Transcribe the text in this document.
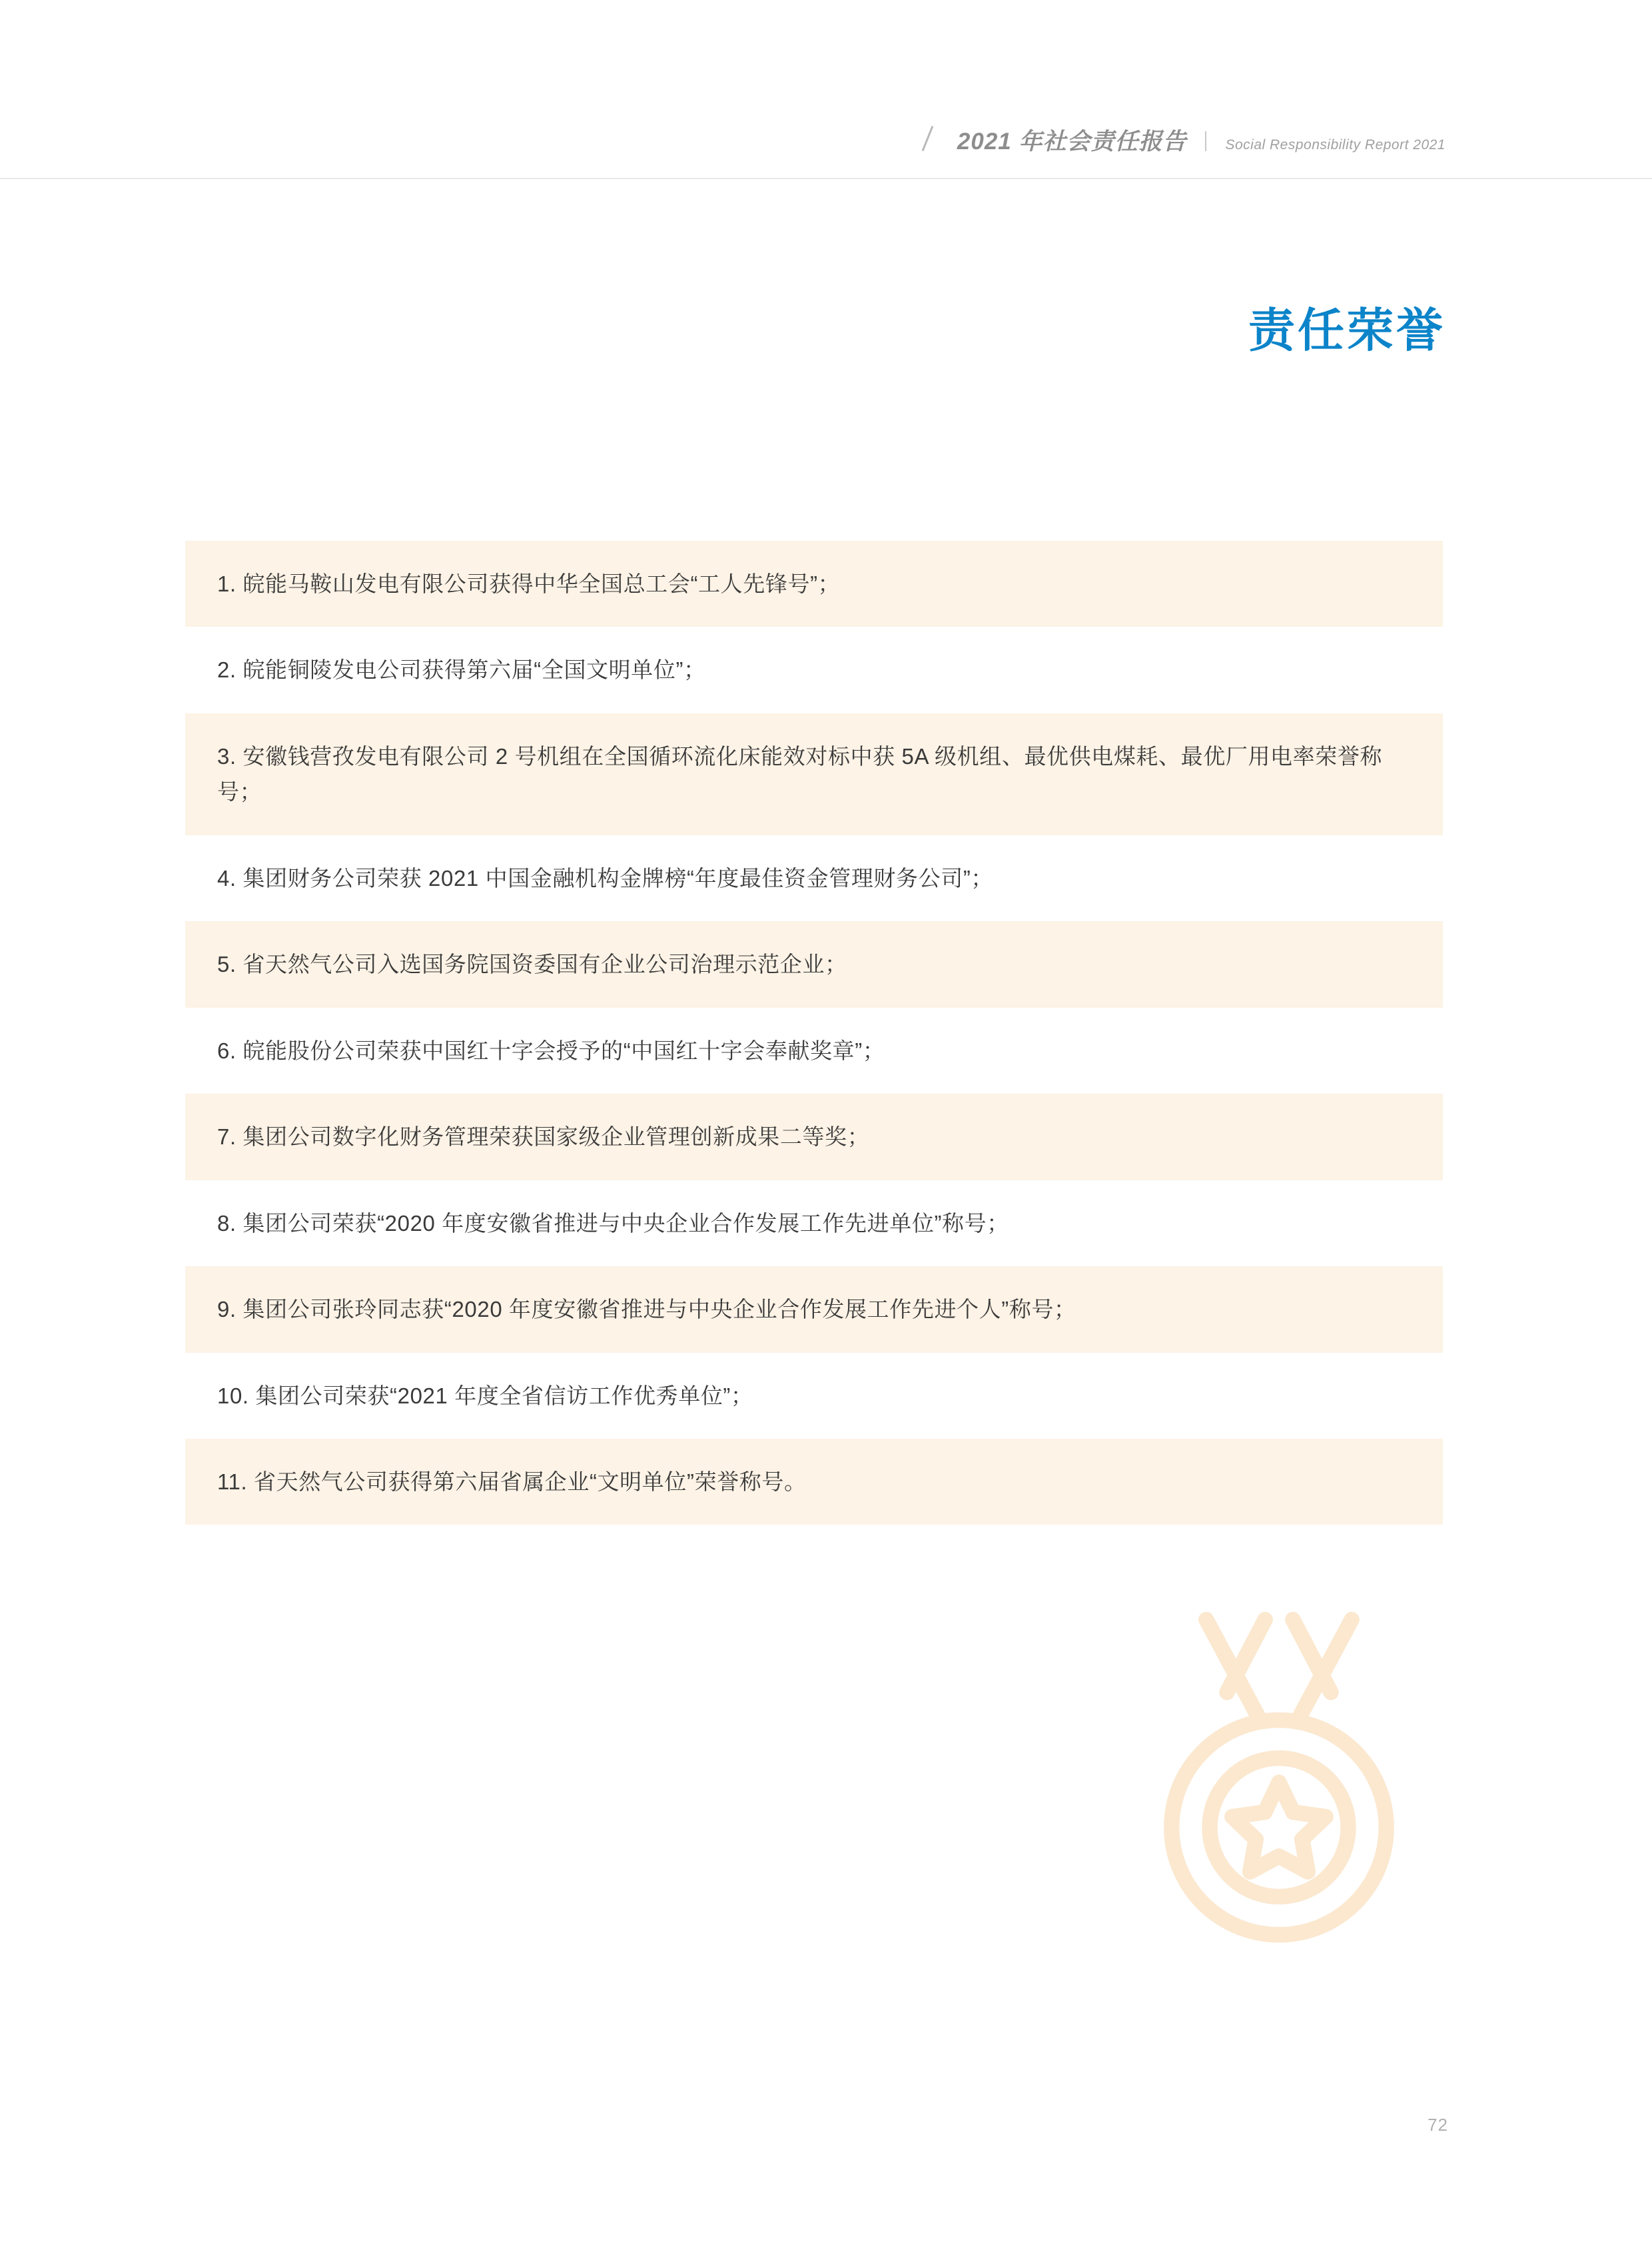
2021 年社会责任报告	Social Responsibility Report 2021
责任荣誉
1. 皖能马鞍山发电有限公司获得中华全国总工会“工人先锋号”；
2. 皖能铜陵发电公司获得第六届“全国文明单位”；
3. 安徽钱营孜发电有限公司 2 号机组在全国循环流化床能效对标中获 5A 级机组、最优供电煤耗、最优厂用电率荣誉称号；
4. 集团财务公司荣获 2021 中国金融机构金牌榜“年度最佳资金管理财务公司”；
5. 省天然气公司入选国务院国资委国有企业公司治理示范企业；
6. 皖能股份公司荣获中国红十字会授予的“中国红十字会奉献奖章”；
7. 集团公司数字化财务管理荣获国家级企业管理创新成果二等奖；
8. 集团公司荣获“2020 年度安徽省推进与中央企业合作发展工作先进单位”称号；
9. 集团公司张玲同志获“2020 年度安徽省推进与中央企业合作发展工作先进个人”称号；
10. 集团公司荣获“2021 年度全省信访工作优秀单位”；
11. 省天然气公司获得第六届省属企业“文明单位”荣誉称号。
72
